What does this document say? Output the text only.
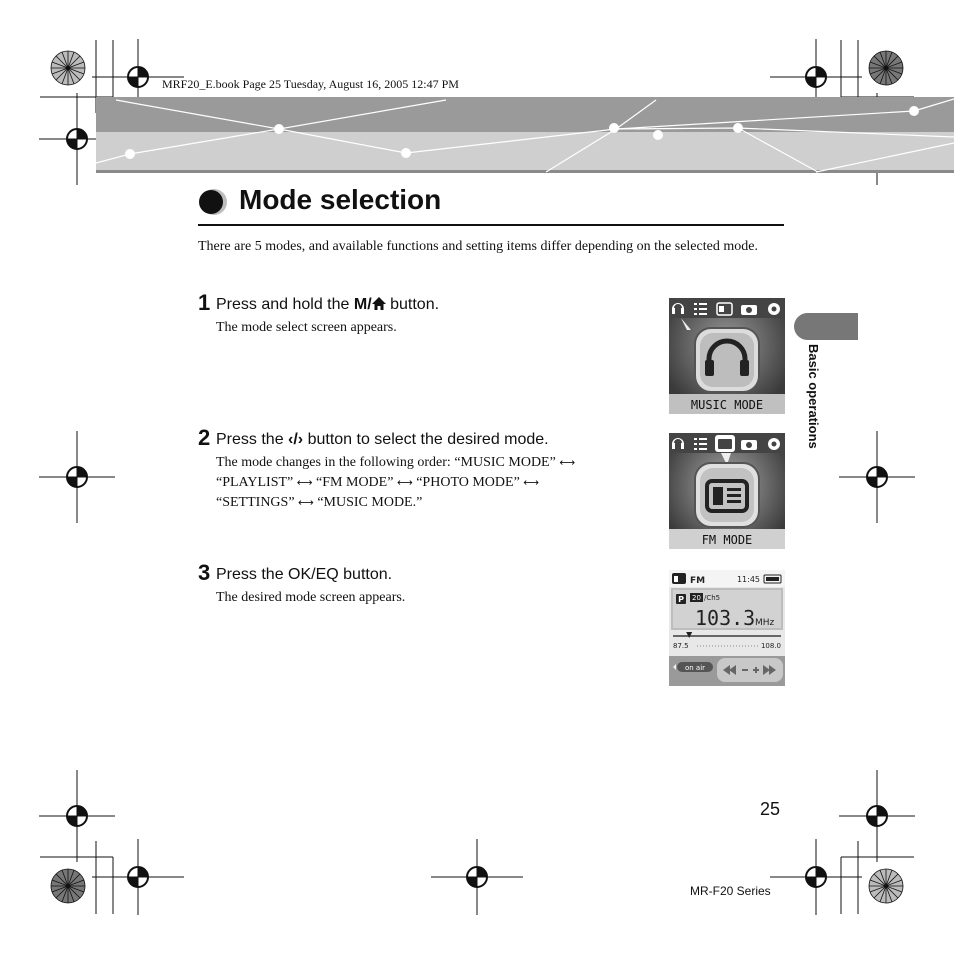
MRF20_E.book Page 25 Tuesday, August 16, 2005 12:47 PM
Mode selection
There are 5 modes, and available functions and setting items differ depending on the selected mode.
1 Press and hold the M/ button.
The mode select screen appears.
2 Press the ‹/› button to select the desired mode.
The mode changes in the following order: “MUSIC MODE” ⟷
“PLAYLIST” ⟷ “FM MODE” ⟷ “PHOTO MODE” ⟷
“SETTINGS” ⟷ “MUSIC MODE.”
3 Press the OK/EQ button.
The desired mode screen appears.
MUSIC MODE
FM MODE
FM	11:45
P 20 /Ch5
103.3 MHz
87.5	108.0
on air
Basic operations
25
MR-F20 Series
